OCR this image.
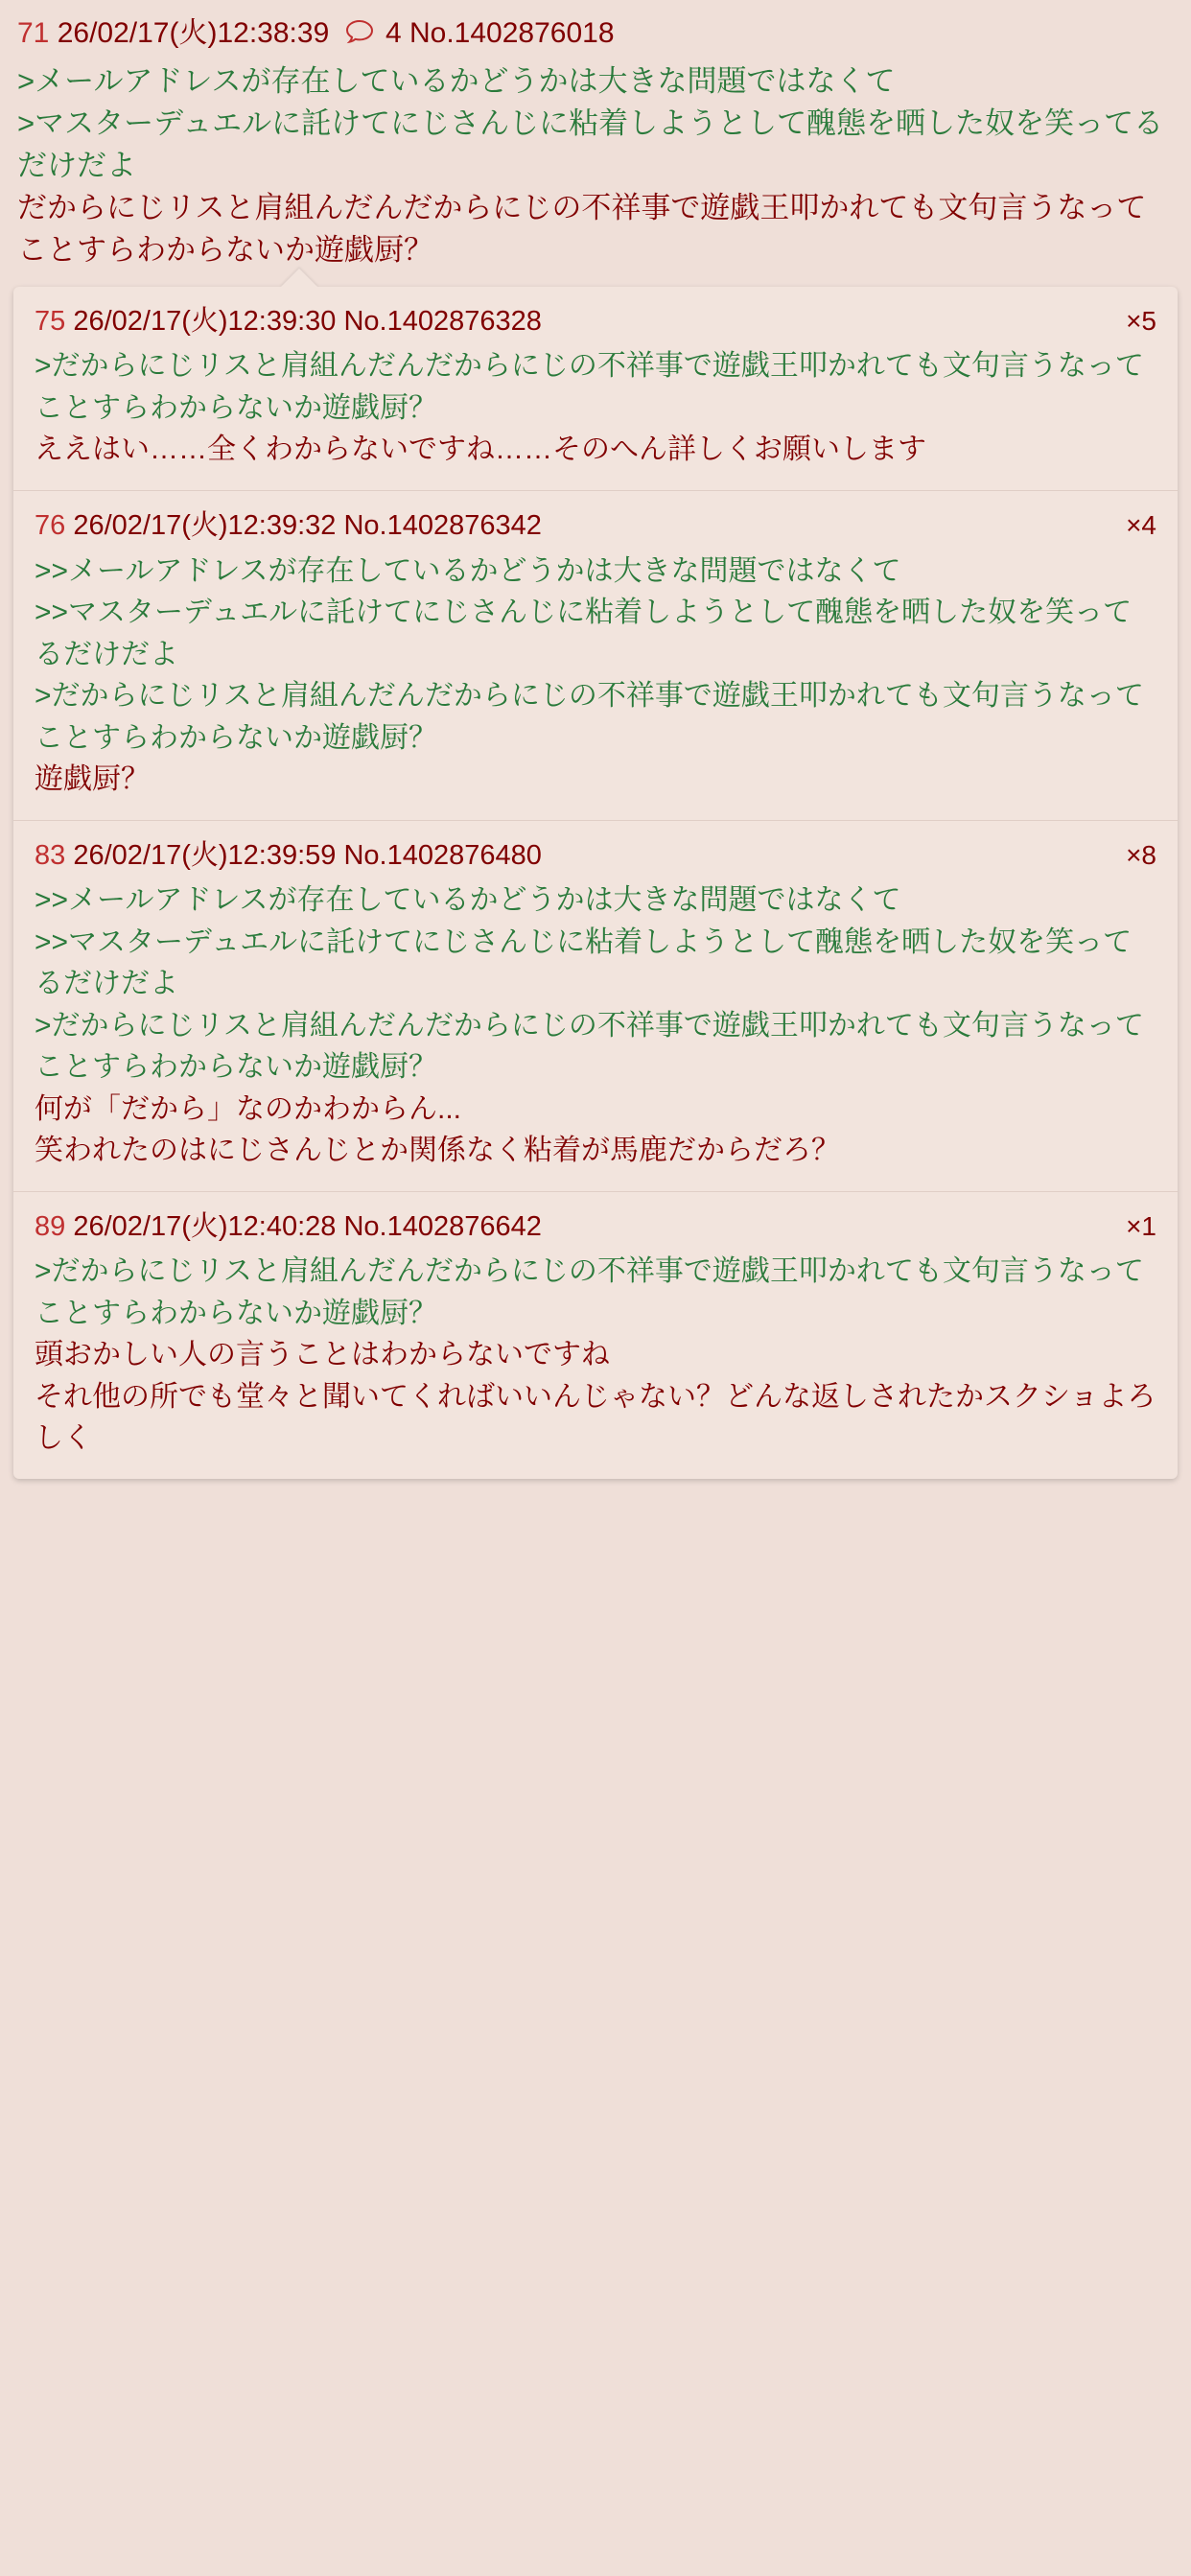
71 26/02/17(火)12:38:39 4 No.1402876018
>メールアドレスが存在しているかどうかは大きな問題ではなくて
>マスターデュエルに託けてにじさんじに粘着しようとして醜態を晒した奴を笑ってるだけだよ
だからにじリスと肩組んだんだからにじの不祥事で遊戯王叩かれても文句言うなってことすらわからないか遊戯厨？
75 26/02/17(火)12:39:30 No.1402876328	×5
>だからにじリスと肩組んだんだからにじの不祥事で遊戯王叩かれても文句言うなってことすらわからないか遊戯厨？
ええはい……全くわからないですね……そのへん詳しくお願いします
76 26/02/17(火)12:39:32 No.1402876342	×4
>>メールアドレスが存在しているかどうかは大きな問題ではなくて
>>マスターデュエルに託けてにじさんじに粘着しようとして醜態を晒した奴を笑ってるだけだよ
>だからにじリスと肩組んだんだからにじの不祥事で遊戯王叩かれても文句言うなってことすらわからないか遊戯厨？
遊戯厨？
83 26/02/17(火)12:39:59 No.1402876480	×8
>>メールアドレスが存在しているかどうかは大きな問題ではなくて
>>マスターデュエルに託けてにじさんじに粘着しようとして醜態を晒した奴を笑ってるだけだよ
>だからにじリスと肩組んだんだからにじの不祥事で遊戯王叩かれても文句言うなってことすらわからないか遊戯厨？
何が「だから」なのかわからん...
笑われたのはにじさんじとか関係なく粘着が馬鹿だからだろ？
89 26/02/17(火)12:40:28 No.1402876642	×1
>だからにじリスと肩組んだんだからにじの不祥事で遊戯王叩かれても文句言うなってことすらわからないか遊戯厨？
頭おかしい人の言うことはわからないですね
それ他の所でも堂々と聞いてくればいいんじゃない？どんな返しされたかスクショよろしく
